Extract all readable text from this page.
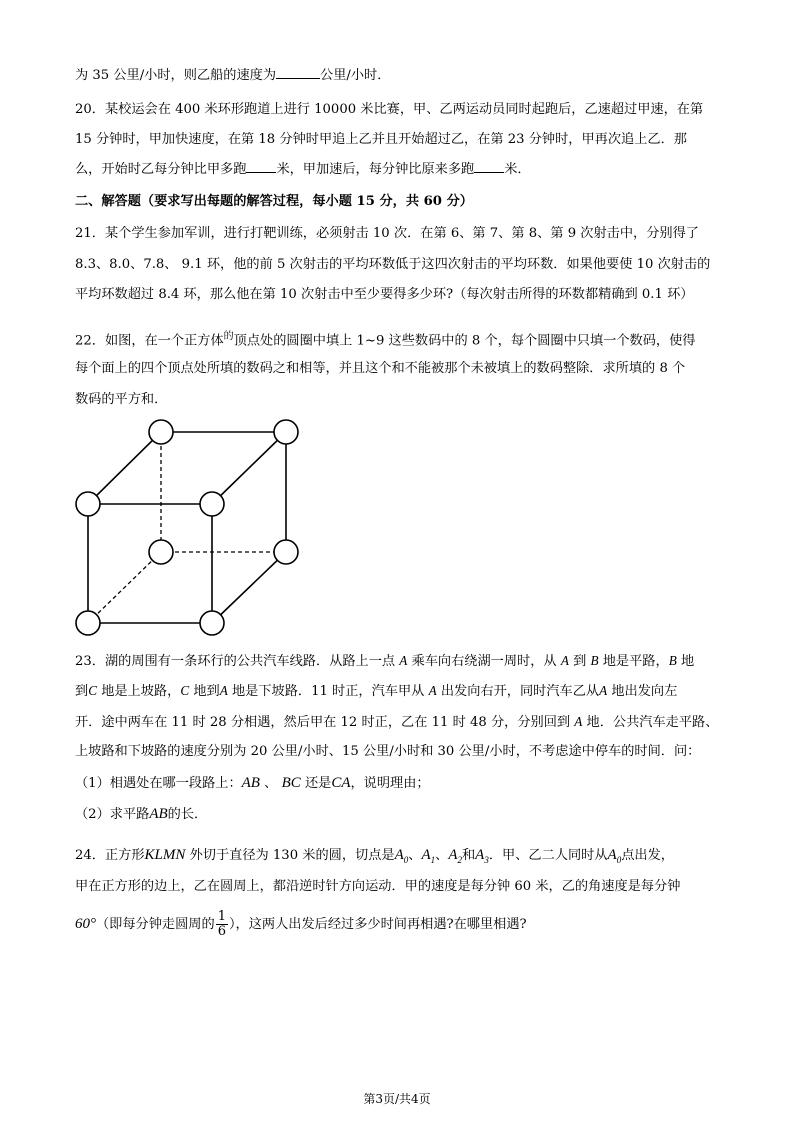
为 35 公里/小时，则乙船的速度为	公里/小时．
20．某校运会在 400 米环形跑道上进行 10000 米比赛，甲、乙两运动员同时起跑后，乙速超过甲速，在第
15 分钟时，甲加快速度，在第 18 分钟时甲追上乙并且开始超过乙，在第 23 分钟时，甲再次追上乙．那
么，开始时乙每分钟比甲多跑 米，甲加速后，每分钟比原来多跑 米．
二、解答题（要求写出每题的解答过程，每小题 15 分，共 60 分）
21．某个学生参加军训，进行打靶训练，必须射击 10 次．在第 6、第 7、第 8、第 9 次射击中，分别得了
8.3、8.0、7.8、 9.1 环，他的前 5 次射击的平均环数低于这四次射击的平均环数．如果他要使 10 次射击的
平均环数超过 8.4 环，那么他在第 10 次射击中至少要得多少环?（每次射击所得的环数都精确到 0.1 环）
22．如图，在一个正方体$^的$顶点处的圆圈中填上 1~9 这些数码中的 8 个，每个圆圈中只填一个数码，使得
每个面上的四个顶点处所填的数码之和相等，并且这个和不能被那个未被填上的数码整除．求所填的 8 个
数码的平方和．
23．湖的周围有一条环行的公共汽车线路．从路上一点 A 乘车向右绕湖一周时，从 A 到 B 地是平路，B 地
到C 地是上坡路，C 地到A 地是下坡路．11 时正，汽车甲从 A 出发向右开，同时汽车乙从A 地出发向左
开．途中两车在 11 时 28 分相遇，然后甲在 12 时正，乙在 11 时 48 分，分别回到 A 地．公共汽车走平路、
上坡路和下坡路的速度分别为 20 公里/小时、15 公里/小时和 30 公里/小时，不考虑途中停车的时间．问：
（1）相遇处在哪一段路上：AB 、 BC 还是CA，说明理由；
（2）求平路AB的长．
24．正方形KLMN 外切于直径为 130 米的圆，切点是$A_0$、$A_1$、$A_2$和$A_3$．甲、乙二人同时从$A_0$点出发，
甲在正方形的边上，乙在圆周上，都沿逆时针方向运动．甲的速度是每分钟 60 米，乙的角速度是每分钟
60°（即每分钟走圆周的 $\frac{1}{6}$ ），这两人出发后经过多少时间再相遇?在哪里相遇?
第3页/共4页
